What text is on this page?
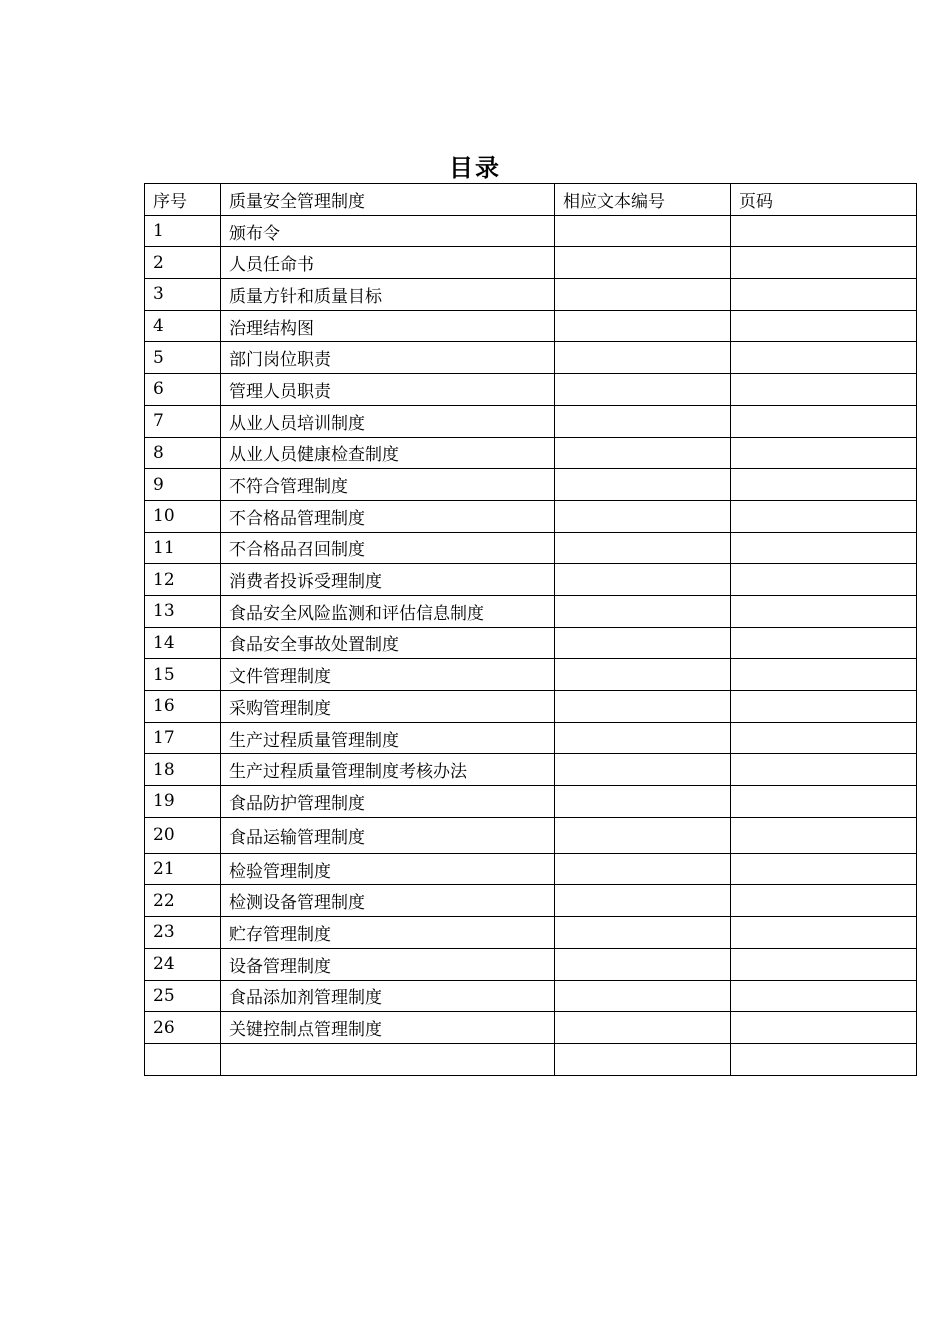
目录
序号	质量安全管理制度	相应文本编号	页码
1	颁布令		
2	人员任命书		
3	质量方针和质量目标		
4	治理结构图		
5	部门岗位职责		
6	管理人员职责		
7	从业人员培训制度		
8	从业人员健康检查制度		
9	不符合管理制度		
10	不合格品管理制度		
11	不合格品召回制度		
12	消费者投诉受理制度		
13	食品安全风险监测和评估信息制度		
14	食品安全事故处置制度		
15	文件管理制度		
16	采购管理制度		
17	生产过程质量管理制度		
18	生产过程质量管理制度考核办法		
19	食品防护管理制度		
20	食品运输管理制度		
21	检验管理制度		
22	检测设备管理制度		
23	贮存管理制度		
24	设备管理制度		
25	食品添加剂管理制度		
26	关键控制点管理制度		
